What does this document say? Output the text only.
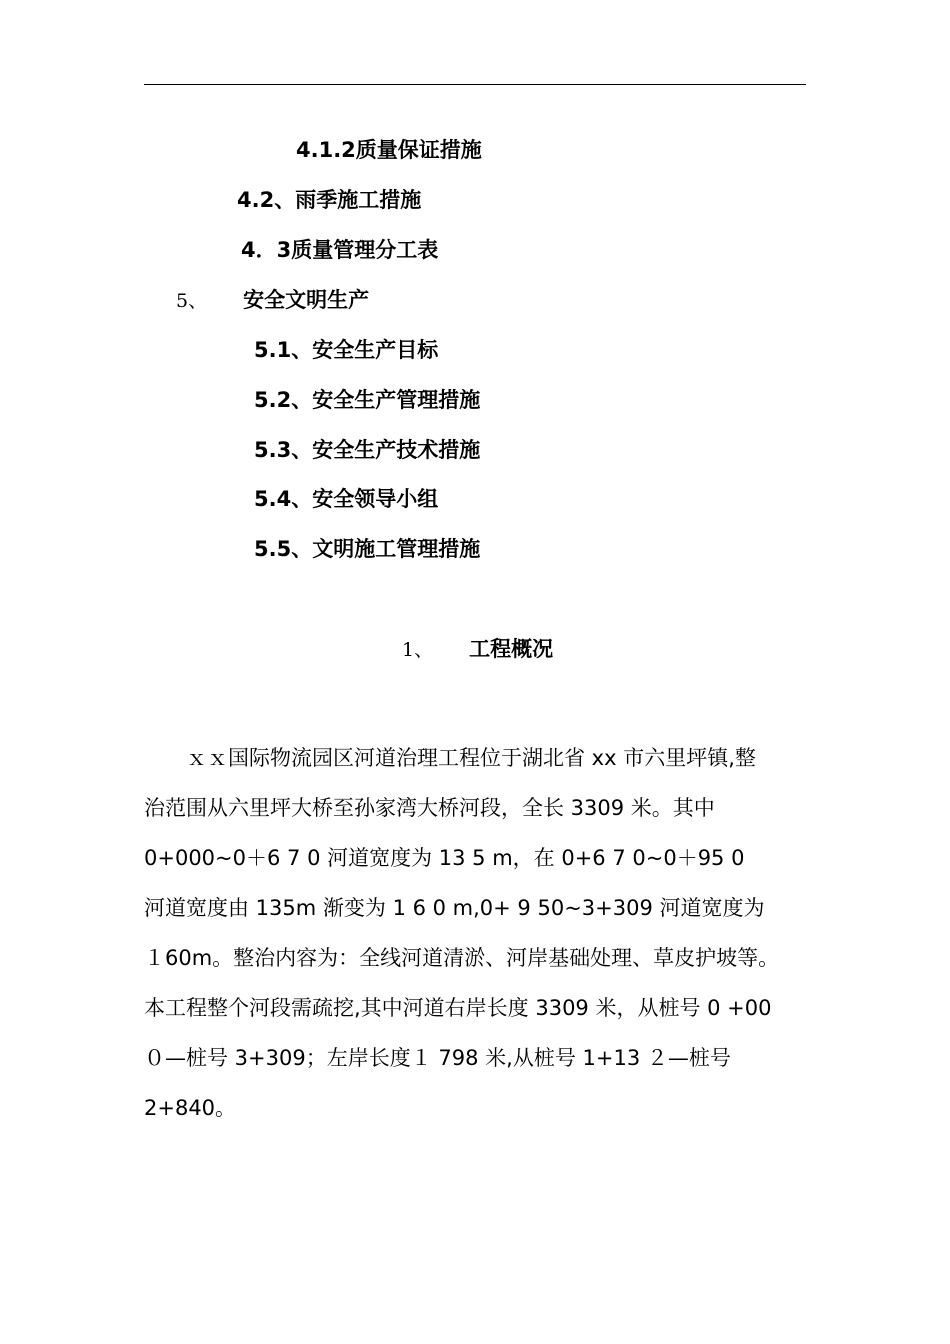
4.1.2质量保证措施
4.2、雨季施工措施
4．3质量管理分工表
5、 安全文明生产
5.1、安全生产目标
5.2、安全生产管理措施
5.3、安全生产技术措施
5.4、安全领导小组
5.5、文明施工管理措施
1、 工程概况
ｘｘ国际物流园区河道治理工程位于湖北省 xx 市六里坪镇,整
治范围从六里坪大桥至孙家湾大桥河段，全长 3309 米。其中
0+000~0＋6 7 0 河道宽度为 13 5 m，在 0+6 7 0~0＋95 0
河道宽度由 135m 渐变为 1 6 0 m,0+ 9 50~3+309 河道宽度为
１60m。整治内容为：全线河道清淤、河岸基础处理、草皮护坡等。
本工程整个河段需疏挖,其中河道右岸长度 3309 米，从桩号 0 +00
０—桩号 3+309；左岸长度１ 798 米,从桩号 1+13 ２—桩号
2+840。
